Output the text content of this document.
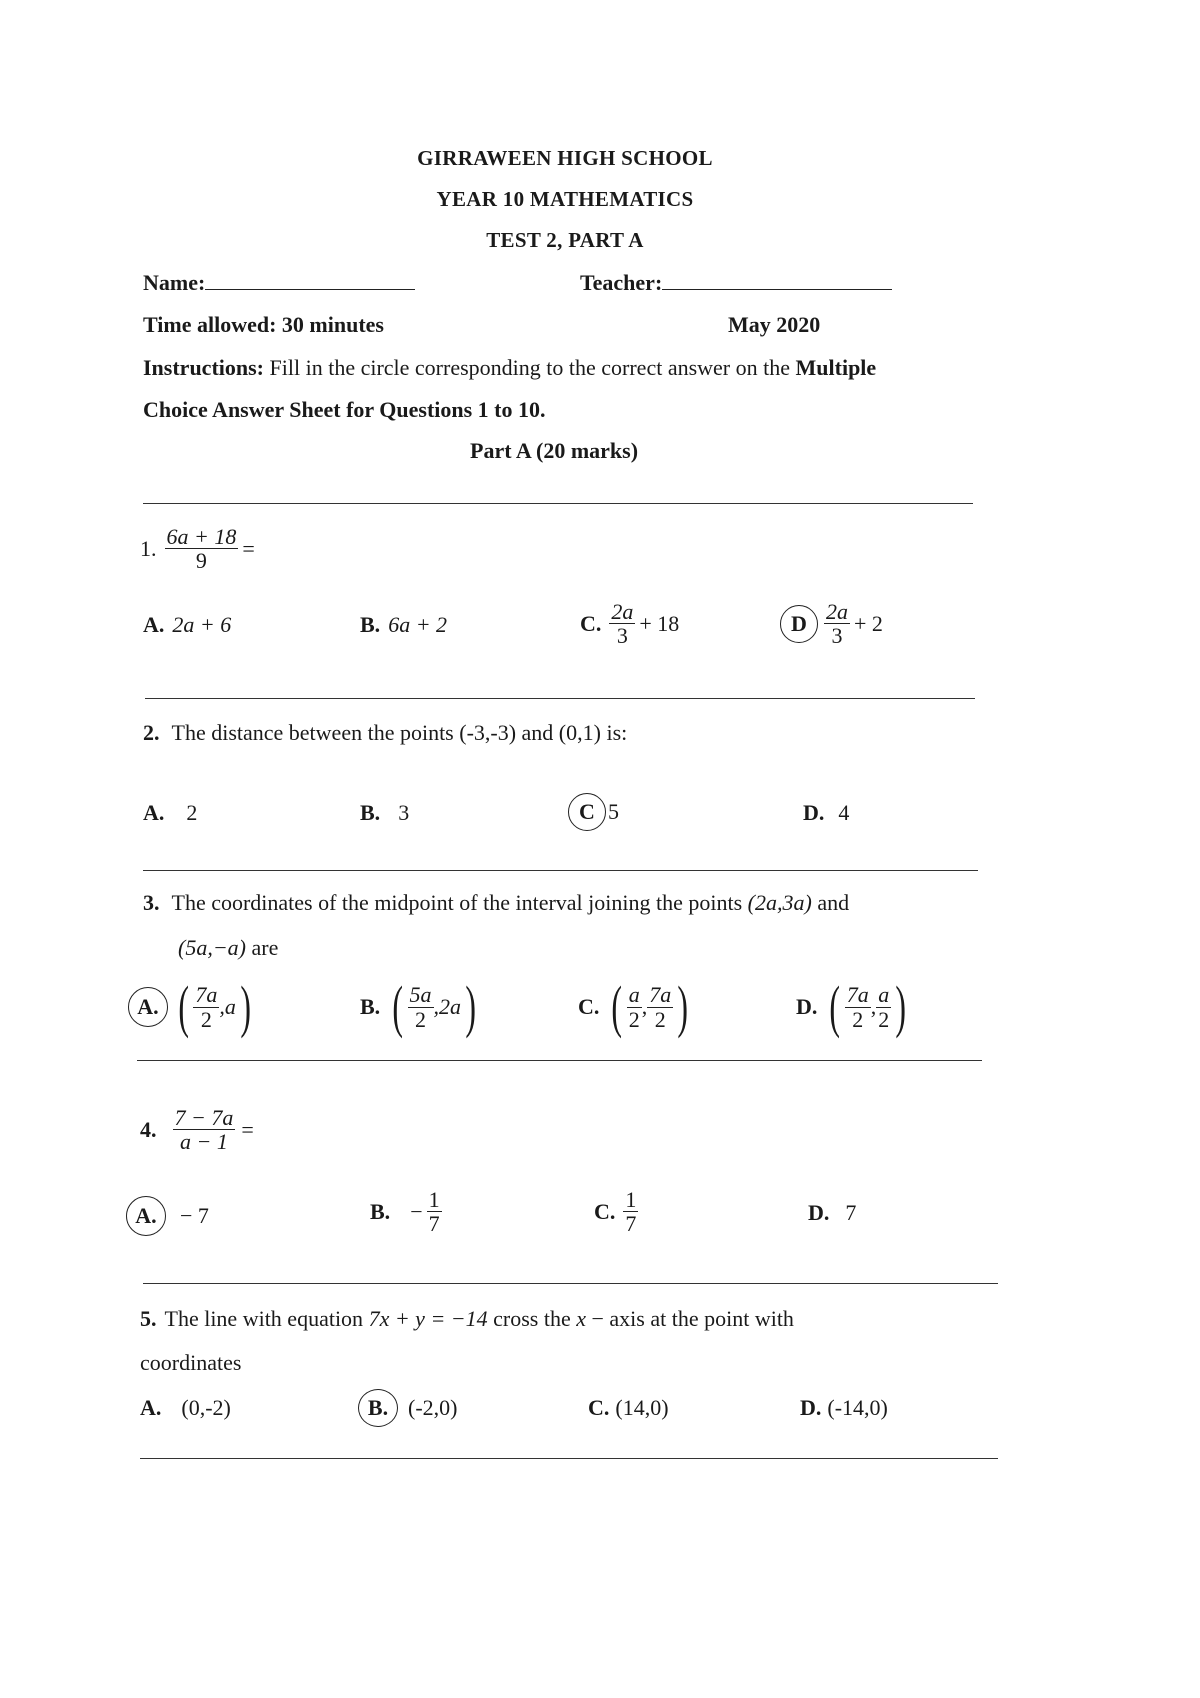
GIRRAWEEN HIGH SCHOOL
YEAR 10 MATHEMATICS
TEST 2, PART A
Name:	Teacher:
Time allowed: 30 minutes	May 2020
Instructions: Fill in the circle corresponding to the correct answer on the Multiple
Choice Answer Sheet for Questions 1 to 10.
Part A (20 marks)
1. $\frac{6a + 18}{9}$ =
A. 2a + 6	B. 6a + 2	C. $\frac{2a}{3} + 18$	D $\frac{2a}{3} + 2$
2. The distance between the points (-3,-3) and (0,1) is:
A. 2	B. 3	C 5	D. 4
3. The coordinates of the midpoint of the interval joining the points (2a,3a) and
(5a,−a) are
A. ( $\frac{7a}{2} ,a$ )	B. ( $\frac{5a}{2} ,2a$ )	C. ( $\frac{a}{2}$ , $\frac{7a}{2}$ )	D. ( $\frac{7a}{2}$ , $\frac{a}{2}$ )
4. $\frac{7 - 7a}{a - 1}$ =
A.	− 7	B. − $\frac{1}{7}$	C. $\frac{1}{7}$	D. 7
5. The line with equation 7x + y = −14 cross the x − axis at the point with
coordinates
A. (0,-2)	B. (-2,0)	C. (14,0)	D. (-14,0)
